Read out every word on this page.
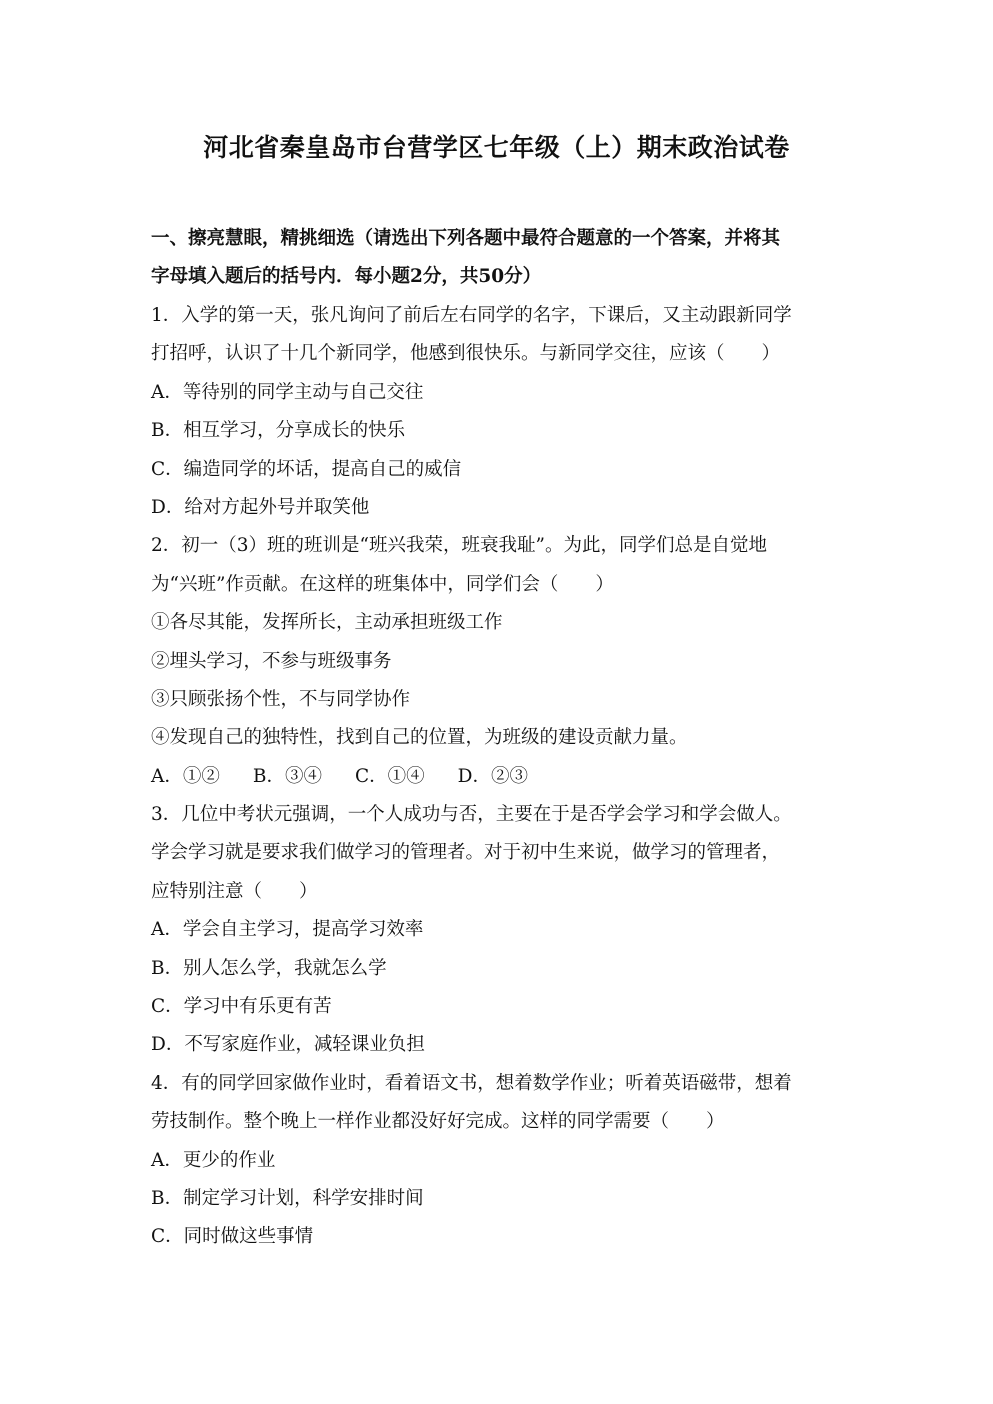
河北省秦皇岛市台营学区七年级（上）期末政治试卷
一、擦亮慧眼，精挑细选（请选出下列各题中最符合题意的一个答案，并将其
字母填入题后的括号内．每小题2分，共50分）
1．入学的第一天，张凡询问了前后左右同学的名字，下课后，又主动跟新同学
打招呼，认识了十几个新同学，他感到很快乐。与新同学交往，应该（　　）
A．等待别的同学主动与自己交往
B．相互学习，分享成长的快乐
C．编造同学的坏话，提高自己的威信
D．给对方起外号并取笑他
2．初一（3）班的班训是“班兴我荣，班衰我耻”。为此，同学们总是自觉地
为“兴班”作贡献。在这样的班集体中，同学们会（　　）
①各尽其能，发挥所长，主动承担班级工作
②埋头学习，不参与班级事务
③只顾张扬个性，不与同学协作
④发现自己的独特性，找到自己的位置，为班级的建设贡献力量。
A．①② B．③④ C．①④ D．②③
3．几位中考状元强调，一个人成功与否，主要在于是否学会学习和学会做人。
学会学习就是要求我们做学习的管理者。对于初中生来说，做学习的管理者，
应特别注意（　　）
A．学会自主学习，提高学习效率
B．别人怎么学，我就怎么学
C．学习中有乐更有苦
D．不写家庭作业，减轻课业负担
4．有的同学回家做作业时，看着语文书，想着数学作业；听着英语磁带，想着
劳技制作。整个晚上一样作业都没好好完成。这样的同学需要（　　）
A．更少的作业
B．制定学习计划，科学安排时间
C．同时做这些事情
